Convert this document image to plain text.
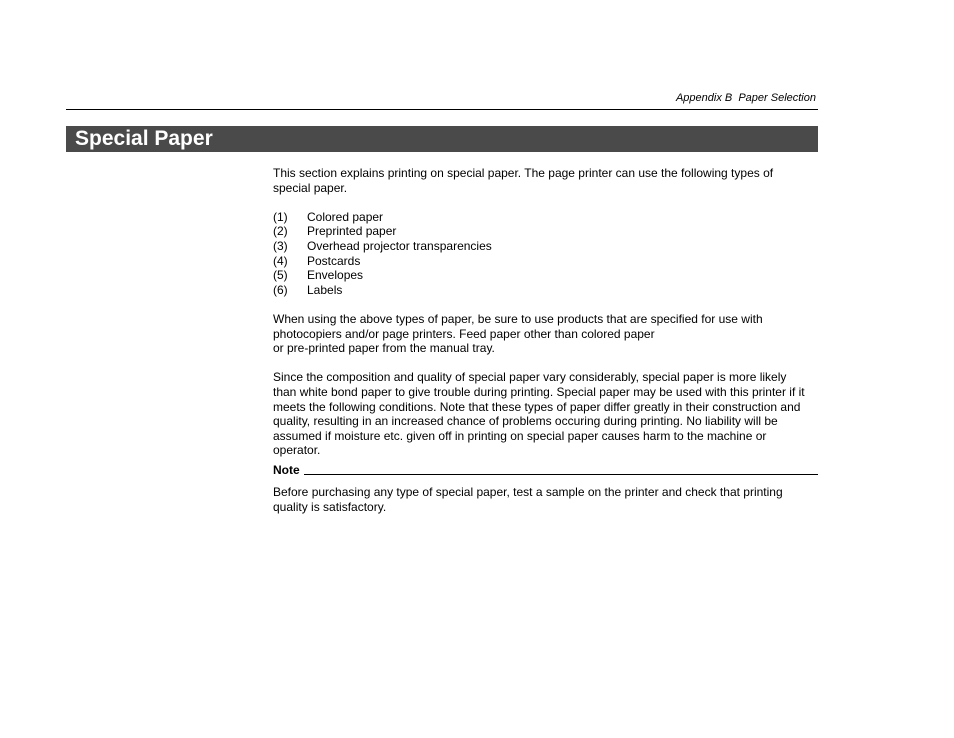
Appendix B  Paper Selection
Special Paper

This section explains printing on special paper. The page printer can use the following types of
special paper.

(1)	Colored paper
(2)	Preprinted paper
(3)	Overhead projector transparencies
(4)	Postcards
(5)	Envelopes
(6)	Labels

When using the above types of paper, be sure to use products that are specified for use with
photocopiers and/or page printers. Feed paper other than colored paper
or pre-printed paper from the manual tray.

Since the composition and quality of special paper vary considerably, special paper is more likely
than white bond paper to give trouble during printing. Special paper may be used with this printer if it
meets the following conditions. Note that these types of paper differ greatly in their construction and
quality, resulting in an increased chance of problems occuring during printing. No liability will be
assumed if moisture etc. given off in printing on special paper causes harm to the machine or
operator.

Note

Before purchasing any type of special paper, test a sample on the printer and check that printing
quality is satisfactory.
